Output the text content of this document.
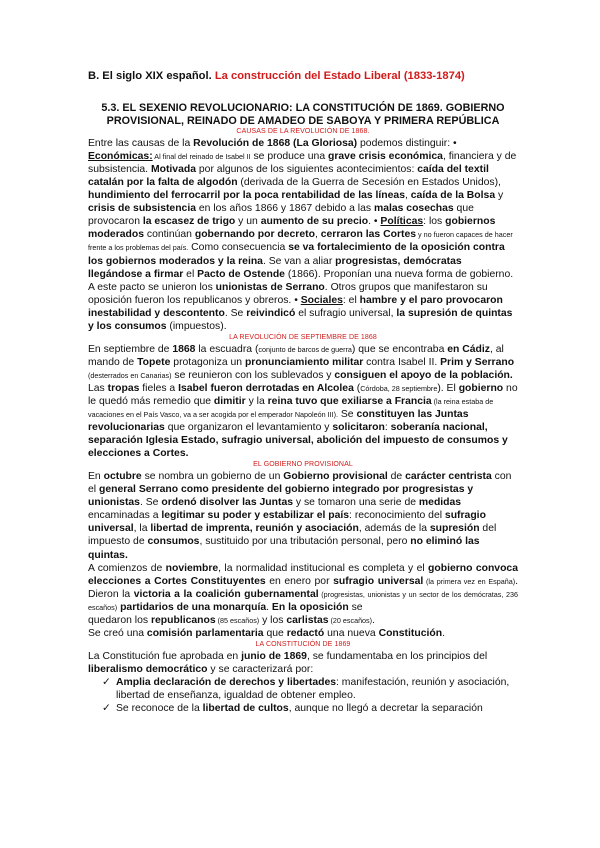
B. El siglo XIX español. La construcción del Estado Liberal (1833-1874)

5.3. EL SEXENIO REVOLUCIONARIO: LA CONSTITUCIÓN DE 1869. GOBIERNO
PROVISIONAL, REINADO DE AMADEO DE SABOYA Y PRIMERA REPÚBLICA

CAUSAS DE LA REVOLUCIÓN DE 1868.

Entre las causas de la Revolución de 1868 (La Gloriosa) podemos distinguir: • Económicas: Al final del reinado de Isabel II se produce una grave crisis económica, financiera y de subsistencia. Motivada por algunos de los siguientes acontecimientos: caída del textil catalán por la falta de algodón (derivada de la Guerra de Secesión en Estados Unidos), hundimiento del ferrocarril por la poca rentabilidad de las líneas, caída de la Bolsa y crisis de subsistencia en los años 1866 y 1867 debido a las malas cosechas que provocaron la escasez de trigo y un aumento de su precio. • Políticas: los gobiernos moderados continúan gobernando por decreto, cerraron las Cortes y no fueron capaces de hacer frente a los problemas del país. Como consecuencia se va fortalecimiento de la oposición contra los gobiernos moderados y la reina. Se van a aliar progresistas, demócratas llegándose a firmar el Pacto de Ostende (1866). Proponían una nueva forma de gobierno. A este pacto se unieron los unionistas de Serrano. Otros grupos que manifestaron su oposición fueron los republicanos y obreros. • Sociales: el hambre y el paro provocaron inestabilidad y descontento. Se reivindicó el sufragio universal, la supresión de quintas y los consumos (impuestos).

LA REVOLUCIÓN DE SEPTIEMBRE DE 1868

En septiembre de 1868 la escuadra (conjunto de barcos de guerra) que se encontraba en Cádiz, al mando de Topete protagoniza un pronunciamiento militar contra Isabel II. Prim y Serrano (desterrados en Canarias) se reunieron con los sublevados y consiguen el apoyo de la población.

Las tropas fieles a Isabel fueron derrotadas en Alcolea (Córdoba, 28 septiembre). El gobierno no le quedó más remedio que dimitir y la reina tuvo que exiliarse a Francia (la reina estaba de vacaciones en el País Vasco, va a ser acogida por el emperador Napoleón III). Se constituyen las Juntas revolucionarias que organizaron el levantamiento y solicitaron: soberanía nacional, separación Iglesia Estado, sufragio universal, abolición del impuesto de consumos y elecciones a Cortes.

EL GOBIERNO PROVISIONAL

En octubre se nombra un gobierno de un Gobierno provisional de carácter centrista con el general Serrano como presidente del gobierno integrado por progresistas y unionistas. Se ordenó disolver las Juntas y se tomaron una serie de medidas encaminadas a legitimar su poder y estabilizar el país: reconocimiento del sufragio universal, la libertad de imprenta, reunión y asociación, además de la supresión del impuesto de consumos, sustituido por una tributación personal, pero no eliminó las quintas.

A comienzos de noviembre, la normalidad institucional es completa y el gobierno convoca elecciones a Cortes Constituyentes en enero por sufragio universal (la primera vez en España). Dieron la victoria a la coalición gubernamental (progresistas, unionistas y un sector de los demócratas, 236 escaños) partidarios de una monarquía. En la oposición se

quedaron los republicanos (85 escaños) y los carlistas (20 escaños).

Se creó una comisión parlamentaria que redactó una nueva Constitución.

LA CONSTITUCIÓN DE 1869

La Constitución fue aprobada en junio de 1869, se fundamentaba en los principios del liberalismo democrático y se caracterizará por:

✓ Amplia declaración de derechos y libertades: manifestación, reunión y asociación, libertad de enseñanza, igualdad de obtener empleo.
✓ Se reconoce de la libertad de cultos, aunque no llegó a decretar la separación
